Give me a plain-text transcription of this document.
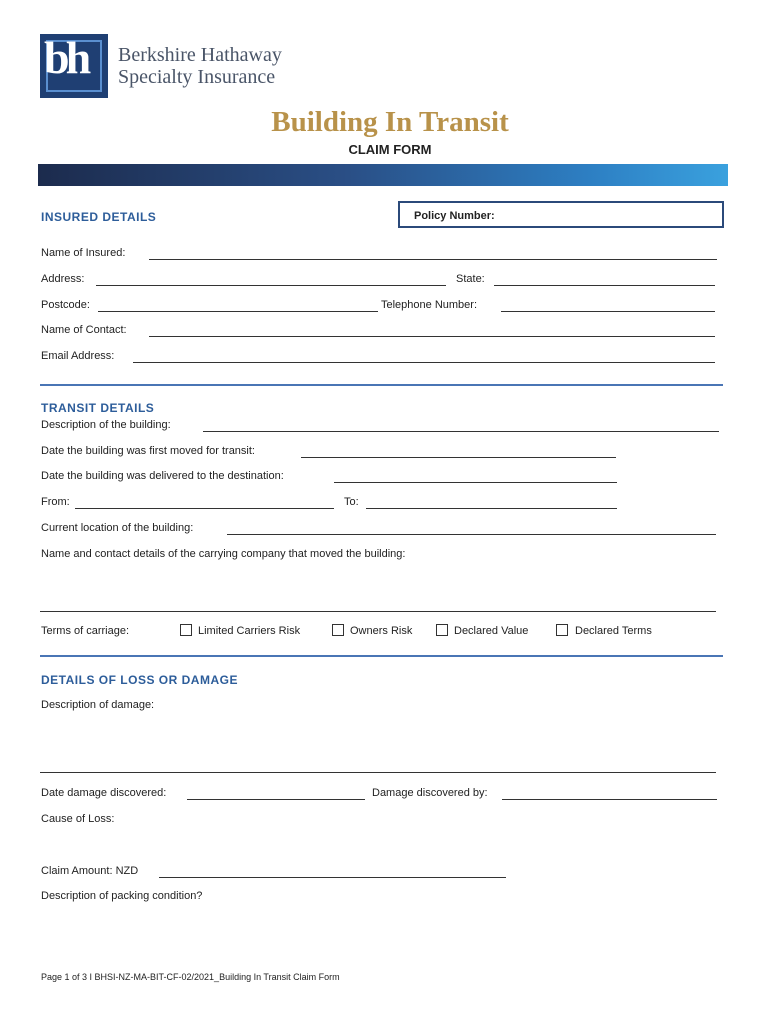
bh Berkshire Hathaway
Specialty Insurance
Building In Transit
CLAIM FORM
INSURED DETAILS	Policy Number:
Name of Insured:
Address:	State:
Postcode:	Telephone Number:
Name of Contact:
Email Address:
TRANSIT DETAILS
Description of the building:
Date the building was first moved for transit:
Date the building was delivered to the destination:
From:	To:
Current location of the building:
Name and contact details of the carrying company that moved the building:
Terms of carriage:	Limited Carriers Risk	Owners Risk	Declared Value	Declared Terms
DETAILS OF LOSS OR DAMAGE
Description of damage:
Date damage discovered:	Damage discovered by:
Cause of Loss:
Claim Amount: NZD
Description of packing condition?
Page 1 of 3 I BHSI-NZ-MA-BIT-CF-02/2021_Building In Transit Claim Form
